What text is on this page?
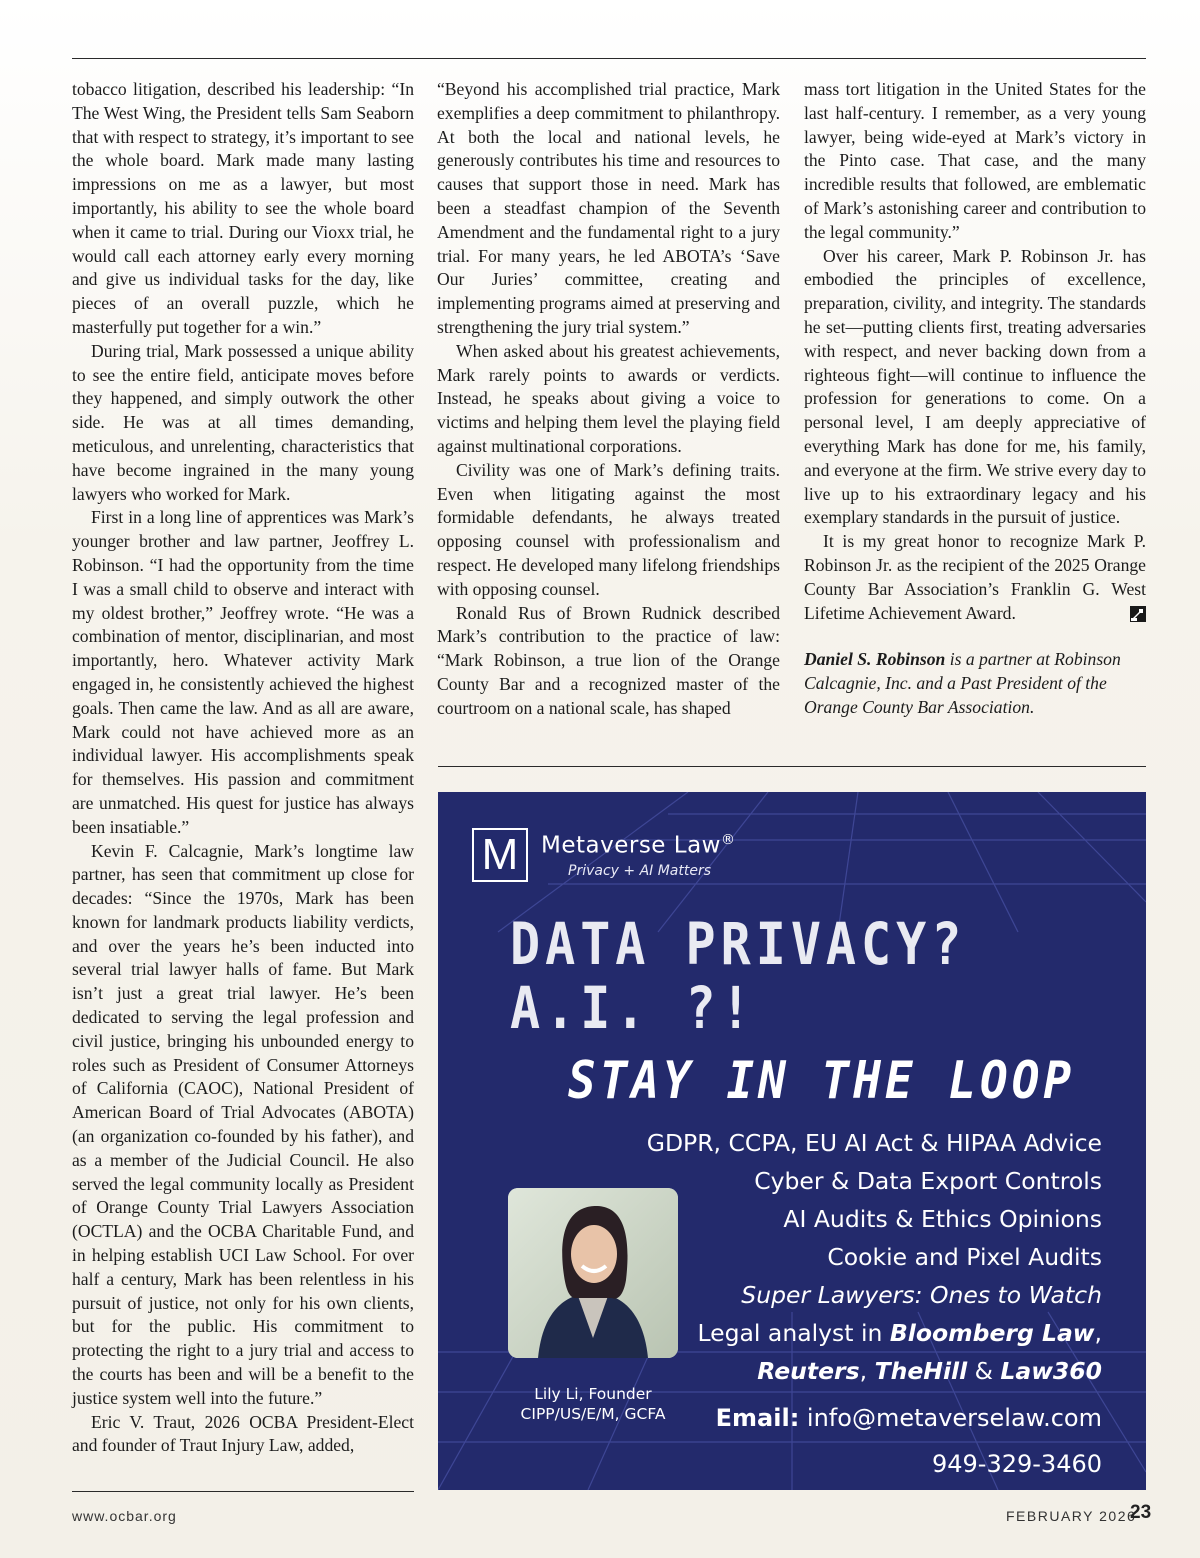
tobacco litigation, described his leadership: “In The West Wing, the President tells Sam Seaborn that with respect to strategy, it’s important to see the whole board. Mark made many lasting impressions on me as a lawyer, but most importantly, his ability to see the whole board when it came to trial. During our Vioxx trial, he would call each attorney early every morning and give us individual tasks for the day, like pieces of an overall puzzle, which he masterfully put together for a win.”

During trial, Mark possessed a unique ability to see the entire field, anticipate moves before they happened, and simply outwork the other side. He was at all times demanding, meticulous, and unrelenting, characteristics that have become ingrained in the many young lawyers who worked for Mark.

First in a long line of apprentices was Mark’s younger brother and law partner, Jeoffrey L. Robinson. “I had the opportunity from the time I was a small child to observe and interact with my oldest brother,” Jeoffrey wrote. “He was a combination of mentor, disciplinarian, and most importantly, hero. Whatever activity Mark engaged in, he consistently achieved the highest goals. Then came the law. And as all are aware, Mark could not have achieved more as an individual lawyer. His accomplishments speak for themselves. His passion and commitment are unmatched. His quest for justice has always been insatiable.”

Kevin F. Calcagnie, Mark’s longtime law partner, has seen that commitment up close for decades: “Since the 1970s, Mark has been known for landmark products liability verdicts, and over the years he’s been inducted into several trial lawyer halls of fame. But Mark isn’t just a great trial lawyer. He’s been dedicated to serving the legal profession and civil justice, bringing his unbounded energy to roles such as President of Consumer Attorneys of California (CAOC), National President of American Board of Trial Advocates (ABOTA) (an organization co-founded by his father), and as a member of the Judicial Council. He also served the legal community locally as President of Orange County Trial Lawyers Association (OCTLA) and the OCBA Charitable Fund, and in helping establish UCI Law School. For over half a century, Mark has been relentless in his pursuit of justice, not only for his own clients, but for the public. His commitment to protecting the right to a jury trial and access to the courts has been and will be a benefit to the justice system well into the future.”

Eric V. Traut, 2026 OCBA President-Elect and founder of Traut Injury Law, added,

“Beyond his accomplished trial practice, Mark exemplifies a deep commitment to philanthropy. At both the local and national levels, he generously contributes his time and resources to causes that support those in need. Mark has been a steadfast champion of the Seventh Amendment and the fundamental right to a jury trial. For many years, he led ABOTA’s ‘Save Our Juries’ committee, creating and implementing programs aimed at preserving and strengthening the jury trial system.”

When asked about his greatest achievements, Mark rarely points to awards or verdicts. Instead, he speaks about giving a voice to victims and helping them level the playing field against multinational corporations.

Civility was one of Mark’s defining traits. Even when litigating against the most formidable defendants, he always treated opposing counsel with professionalism and respect. He developed many lifelong friendships with opposing counsel.

Ronald Rus of Brown Rudnick described Mark’s contribution to the practice of law: “Mark Robinson, a true lion of the Orange County Bar and a recognized master of the courtroom on a national scale, has shaped

mass tort litigation in the United States for the last half-century. I remember, as a very young lawyer, being wide-eyed at Mark’s victory in the Pinto case. That case, and the many incredible results that followed, are emblematic of Mark’s astonishing career and contribution to the legal community.”

Over his career, Mark P. Robinson Jr. has embodied the principles of excellence, preparation, civility, and integrity. The standards he set—putting clients first, treating adversaries with respect, and never backing down from a righteous fight—will continue to influence the profession for generations to come. On a personal level, I am deeply appreciative of everything Mark has done for me, his family, and everyone at the firm. We strive every day to live up to his extraordinary legacy and his exemplary standards in the pursuit of justice.

It is my great honor to recognize Mark P. Robinson Jr. as the recipient of the 2025 Orange County Bar Association’s Franklin G. West Lifetime Achievement Award.

Daniel S. Robinson is a partner at Robinson Calcagnie, Inc. and a Past President of the Orange County Bar Association.

M Metaverse Law®
Privacy + AI Matters
DATA PRIVACY?
A.I. ?!
STAY IN THE LOOP
GDPR, CCPA, EU AI Act & HIPAA Advice
Cyber & Data Export Controls
AI Audits & Ethics Opinions
Cookie and Pixel Audits
Super Lawyers: Ones to Watch
Legal analyst in Bloomberg Law,
Reuters, TheHill & Law360
Lily Li, Founder
CIPP/US/E/M, GCFA	Email: info@metaverselaw.com
949-329-3460
www.ocbar.org	FEBRUARY 2026
23
